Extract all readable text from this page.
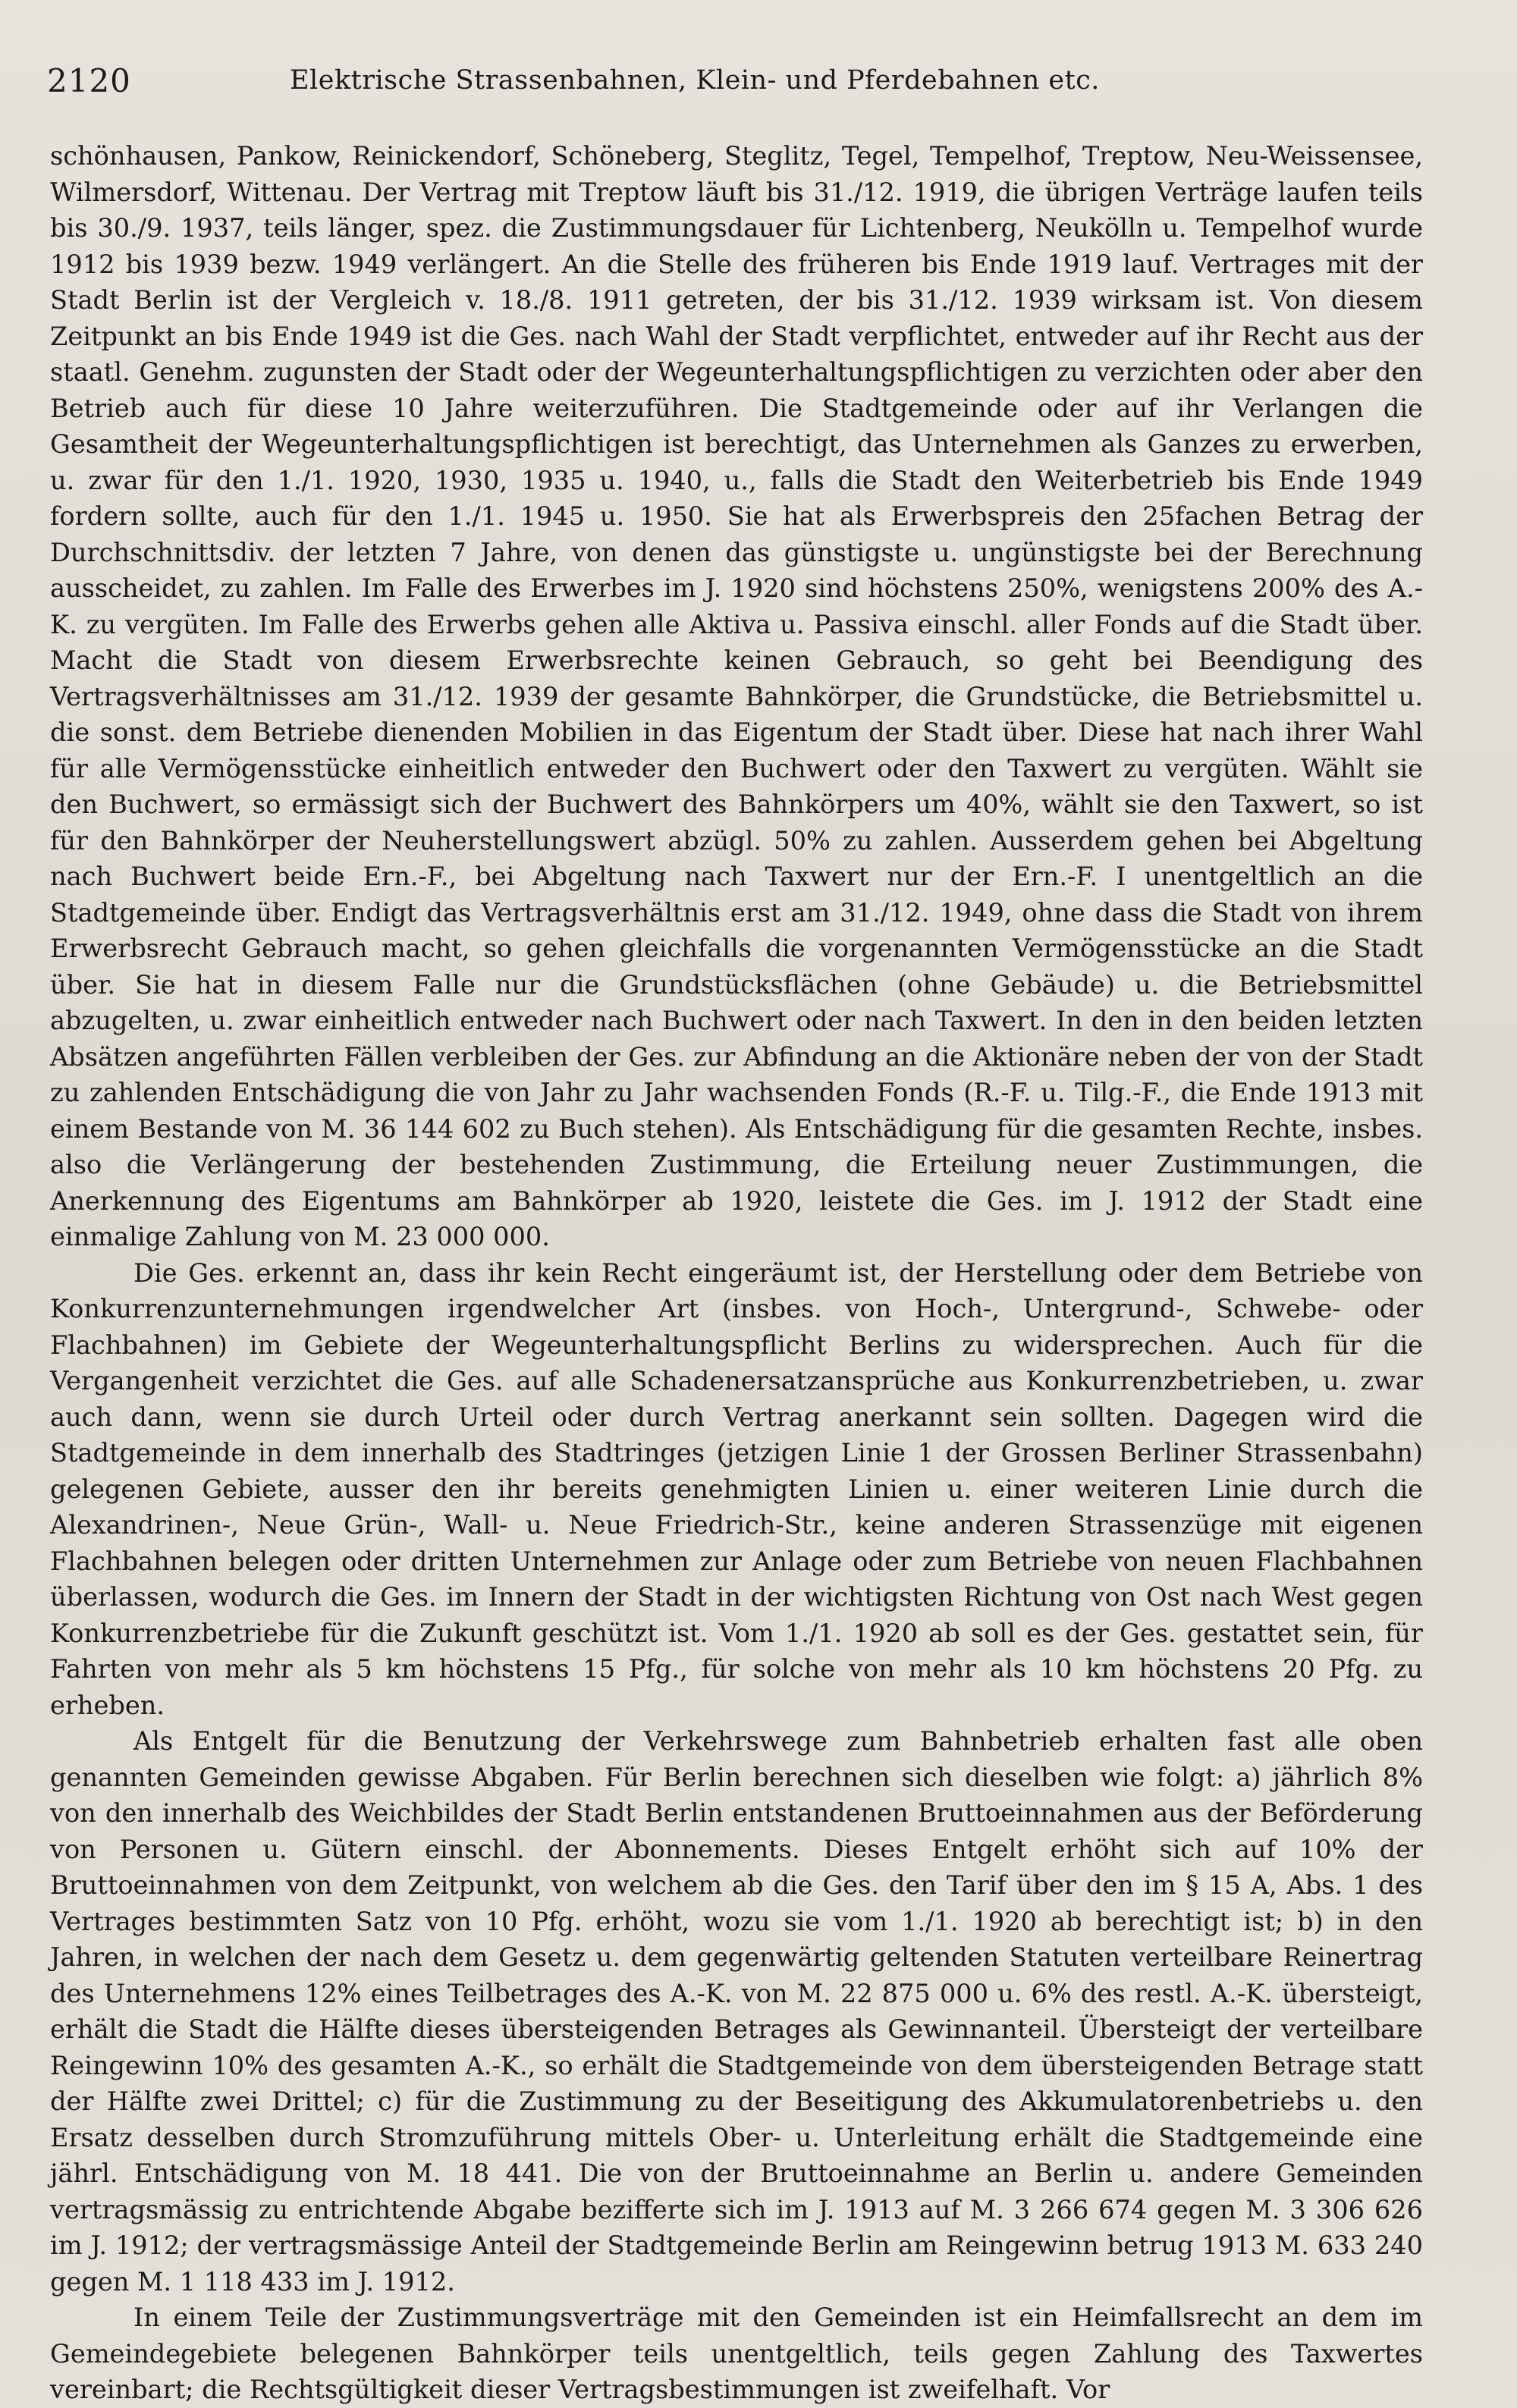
2120	Elektrische Strassenbahnen, Klein- und Pferdebahnen etc.

schönhausen, Pankow, Reinickendorf, Schöneberg, Steglitz, Tegel, Tempelhof, Treptow, Neu-Weissensee, Wilmersdorf, Wittenau. Der Vertrag mit Treptow läuft bis 31./12. 1919, die übrigen Verträge laufen teils bis 30./9. 1937, teils länger, spez. die Zustimmungsdauer für Lichtenberg, Neukölln u. Tempelhof wurde 1912 bis 1939 bezw. 1949 verlängert. An die Stelle des früheren bis Ende 1919 lauf. Vertrages mit der Stadt Berlin ist der Vergleich v. 18./8. 1911 getreten, der bis 31./12. 1939 wirksam ist. Von diesem Zeitpunkt an bis Ende 1949 ist die Ges. nach Wahl der Stadt verpflichtet, entweder auf ihr Recht aus der staatl. Genehm. zugunsten der Stadt oder der Wegeunterhaltungspflichtigen zu verzichten oder aber den Betrieb auch für diese 10 Jahre weiterzuführen. Die Stadtgemeinde oder auf ihr Verlangen die Gesamtheit der Wegeunterhaltungspflichtigen ist berechtigt, das Unternehmen als Ganzes zu erwerben, u. zwar für den 1./1. 1920, 1930, 1935 u. 1940, u., falls die Stadt den Weiterbetrieb bis Ende 1949 fordern sollte, auch für den 1./1. 1945 u. 1950. Sie hat als Erwerbspreis den 25fachen Betrag der Durchschnittsdiv. der letzten 7 Jahre, von denen das günstigste u. ungünstigste bei der Berechnung ausscheidet, zu zahlen. Im Falle des Erwerbes im J. 1920 sind höchstens 250%, wenigstens 200% des A.-K. zu vergüten. Im Falle des Erwerbs gehen alle Aktiva u. Passiva einschl. aller Fonds auf die Stadt über. Macht die Stadt von diesem Erwerbsrechte keinen Gebrauch, so geht bei Beendigung des Vertragsverhältnisses am 31./12. 1939 der gesamte Bahnkörper, die Grundstücke, die Betriebsmittel u. die sonst. dem Betriebe dienenden Mobilien in das Eigentum der Stadt über. Diese hat nach ihrer Wahl für alle Vermögensstücke einheitlich entweder den Buchwert oder den Taxwert zu vergüten. Wählt sie den Buchwert, so ermässigt sich der Buchwert des Bahnkörpers um 40%, wählt sie den Taxwert, so ist für den Bahnkörper der Neuherstellungswert abzügl. 50% zu zahlen. Ausserdem gehen bei Abgeltung nach Buchwert beide Ern.-F., bei Abgeltung nach Taxwert nur der Ern.-F. I unentgeltlich an die Stadtgemeinde über. Endigt das Vertragsverhältnis erst am 31./12. 1949, ohne dass die Stadt von ihrem Erwerbsrecht Gebrauch macht, so gehen gleichfalls die vorgenannten Vermögensstücke an die Stadt über. Sie hat in diesem Falle nur die Grundstücksflächen (ohne Gebäude) u. die Betriebsmittel abzugelten, u. zwar einheitlich entweder nach Buchwert oder nach Taxwert. In den in den beiden letzten Absätzen angeführten Fällen verbleiben der Ges. zur Abfindung an die Aktionäre neben der von der Stadt zu zahlenden Entschädigung die von Jahr zu Jahr wachsenden Fonds (R.-F. u. Tilg.-F., die Ende 1913 mit einem Bestande von M. 36 144 602 zu Buch stehen). Als Entschädigung für die gesamten Rechte, insbes. also die Verlängerung der bestehenden Zustimmung, die Erteilung neuer Zustimmungen, die Anerkennung des Eigentums am Bahnkörper ab 1920, leistete die Ges. im J. 1912 der Stadt eine einmalige Zahlung von M. 23 000 000.

Die Ges. erkennt an, dass ihr kein Recht eingeräumt ist, der Herstellung oder dem Betriebe von Konkurrenzunternehmungen irgendwelcher Art (insbes. von Hoch-, Untergrund-, Schwebe- oder Flachbahnen) im Gebiete der Wegeunterhaltungspflicht Berlins zu widersprechen. Auch für die Vergangenheit verzichtet die Ges. auf alle Schadenersatzansprüche aus Konkurrenzbetrieben, u. zwar auch dann, wenn sie durch Urteil oder durch Vertrag anerkannt sein sollten. Dagegen wird die Stadtgemeinde in dem innerhalb des Stadtringes (jetzigen Linie 1 der Grossen Berliner Strassenbahn) gelegenen Gebiete, ausser den ihr bereits genehmigten Linien u. einer weiteren Linie durch die Alexandrinen-, Neue Grün-, Wall- u. Neue Friedrich-Str., keine anderen Strassenzüge mit eigenen Flachbahnen belegen oder dritten Unternehmen zur Anlage oder zum Betriebe von neuen Flachbahnen überlassen, wodurch die Ges. im Innern der Stadt in der wichtigsten Richtung von Ost nach West gegen Konkurrenzbetriebe für die Zukunft geschützt ist. Vom 1./1. 1920 ab soll es der Ges. gestattet sein, für Fahrten von mehr als 5 km höchstens 15 Pfg., für solche von mehr als 10 km höchstens 20 Pfg. zu erheben.

Als Entgelt für die Benutzung der Verkehrswege zum Bahnbetrieb erhalten fast alle oben genannten Gemeinden gewisse Abgaben. Für Berlin berechnen sich dieselben wie folgt: a) jährlich 8% von den innerhalb des Weichbildes der Stadt Berlin entstandenen Bruttoeinnahmen aus der Beförderung von Personen u. Gütern einschl. der Abonnements. Dieses Entgelt erhöht sich auf 10% der Bruttoeinnahmen von dem Zeitpunkt, von welchem ab die Ges. den Tarif über den im § 15 A, Abs. 1 des Vertrages bestimmten Satz von 10 Pfg. erhöht, wozu sie vom 1./1. 1920 ab berechtigt ist; b) in den Jahren, in welchen der nach dem Gesetz u. dem gegenwärtig geltenden Statuten verteilbare Reinertrag des Unternehmens 12% eines Teilbetrages des A.-K. von M. 22 875 000 u. 6% des restl. A.-K. übersteigt, erhält die Stadt die Hälfte dieses übersteigenden Betrages als Gewinnanteil. Übersteigt der verteilbare Reingewinn 10% des gesamten A.-K., so erhält die Stadtgemeinde von dem übersteigenden Betrage statt der Hälfte zwei Drittel; c) für die Zustimmung zu der Beseitigung des Akkumulatorenbetriebs u. den Ersatz desselben durch Stromzuführung mittels Ober- u. Unterleitung erhält die Stadtgemeinde eine jährl. Entschädigung von M. 18 441. Die von der Bruttoeinnahme an Berlin u. andere Gemeinden vertragsmässig zu entrichtende Abgabe bezifferte sich im J. 1913 auf M. 3 266 674 gegen M. 3 306 626 im J. 1912; der vertragsmässige Anteil der Stadtgemeinde Berlin am Reingewinn betrug 1913 M. 633 240 gegen M. 1 118 433 im J. 1912.

In einem Teile der Zustimmungsverträge mit den Gemeinden ist ein Heimfallsrecht an dem im Gemeindegebiete belegenen Bahnkörper teils unentgeltlich, teils gegen Zahlung des Taxwertes vereinbart; die Rechtsgültigkeit dieser Vertragsbestimmungen ist zweifelhaft. Vor
